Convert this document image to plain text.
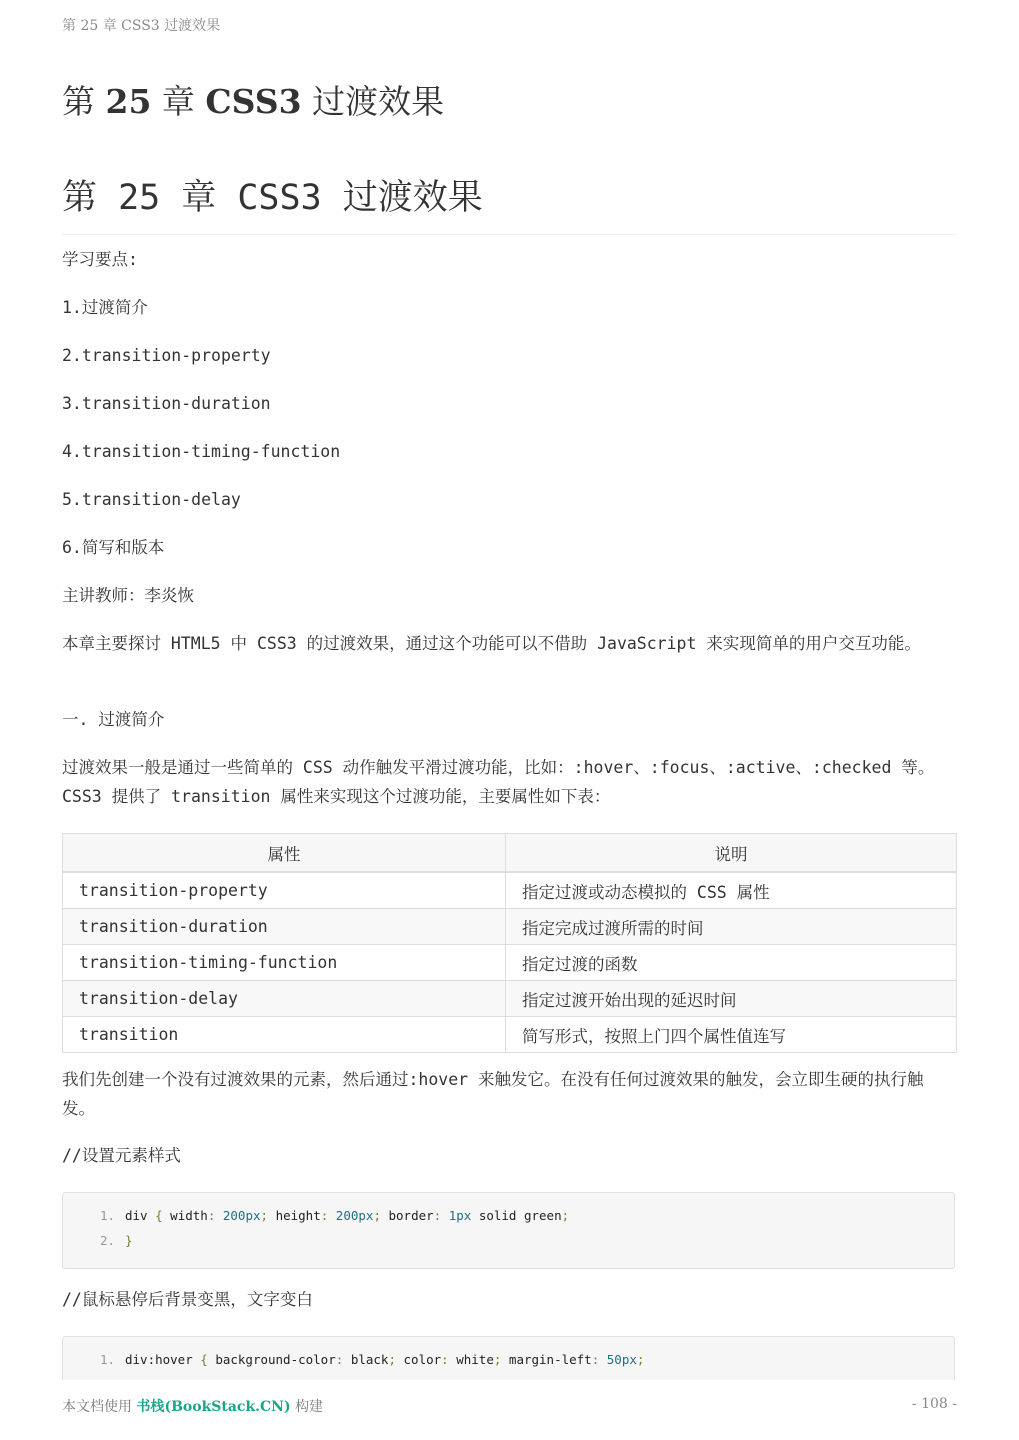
第 25 章 CSS3 过渡效果
第 25 章 CSS3 过渡效果
第 25 章 CSS3 过渡效果

学习要点:

1.过渡简介

2.transition-property

3.transition-duration

4.transition-timing-function

5.transition-delay

6.简写和版本

主讲教师：李炎恢

本章主要探讨 HTML5 中 CSS3 的过渡效果，通过这个功能可以不借助 JavaScript 来实现简单的用户交互功能。

一. 过渡简介

过渡效果一般是通过一些简单的 CSS 动作触发平滑过渡功能，比如：:hover、:focus、:active、:checked 等。CSS3 提供了 transition 属性来实现这个过渡功能，主要属性如下表：

属性	说明
transition-property	指定过渡或动态模拟的 CSS 属性
transition-duration	指定完成过渡所需的时间
transition-timing-function	指定过渡的函数
transition-delay	指定过渡开始出现的延迟时间
transition	简写形式，按照上门四个属性值连写

我们先创建一个没有过渡效果的元素，然后通过:hover 来触发它。在没有任何过渡效果的触发，会立即生硬的执行触发。

//设置元素样式

1. div { width: 200px; height: 200px; border: 1px solid green;
2. }

//鼠标悬停后背景变黑，文字变白

1. div:hover { background-color: black; color: white; margin-left: 50px;
本文档使用 书栈(BookStack.CN) 构建	- 108 -
